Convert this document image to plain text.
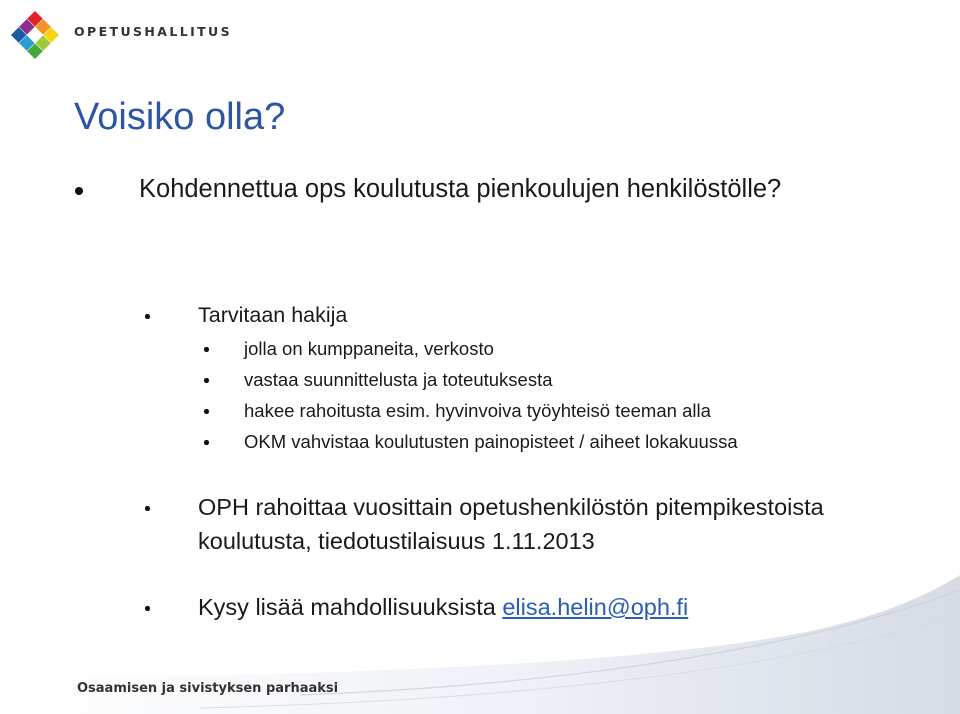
OPETUSHALLITUS
Voisiko olla?
Kohdennettua ops koulutusta pienkoulujen henkilöstölle?
Tarvitaan hakija
jolla on kumppaneita, verkosto
vastaa suunnittelusta ja toteutuksesta
hakee rahoitusta esim. hyvinvoiva työyhteisö teeman alla
OKM vahvistaa koulutusten painopisteet / aiheet lokakuussa
OPH rahoittaa vuosittain opetushenkilöstön pitempikestoista koulutusta, tiedotustilaisuus 1.11.2013
Kysy lisää mahdollisuuksista elisa.helin@oph.fi
Osaamisen ja sivistyksen parhaaksi
